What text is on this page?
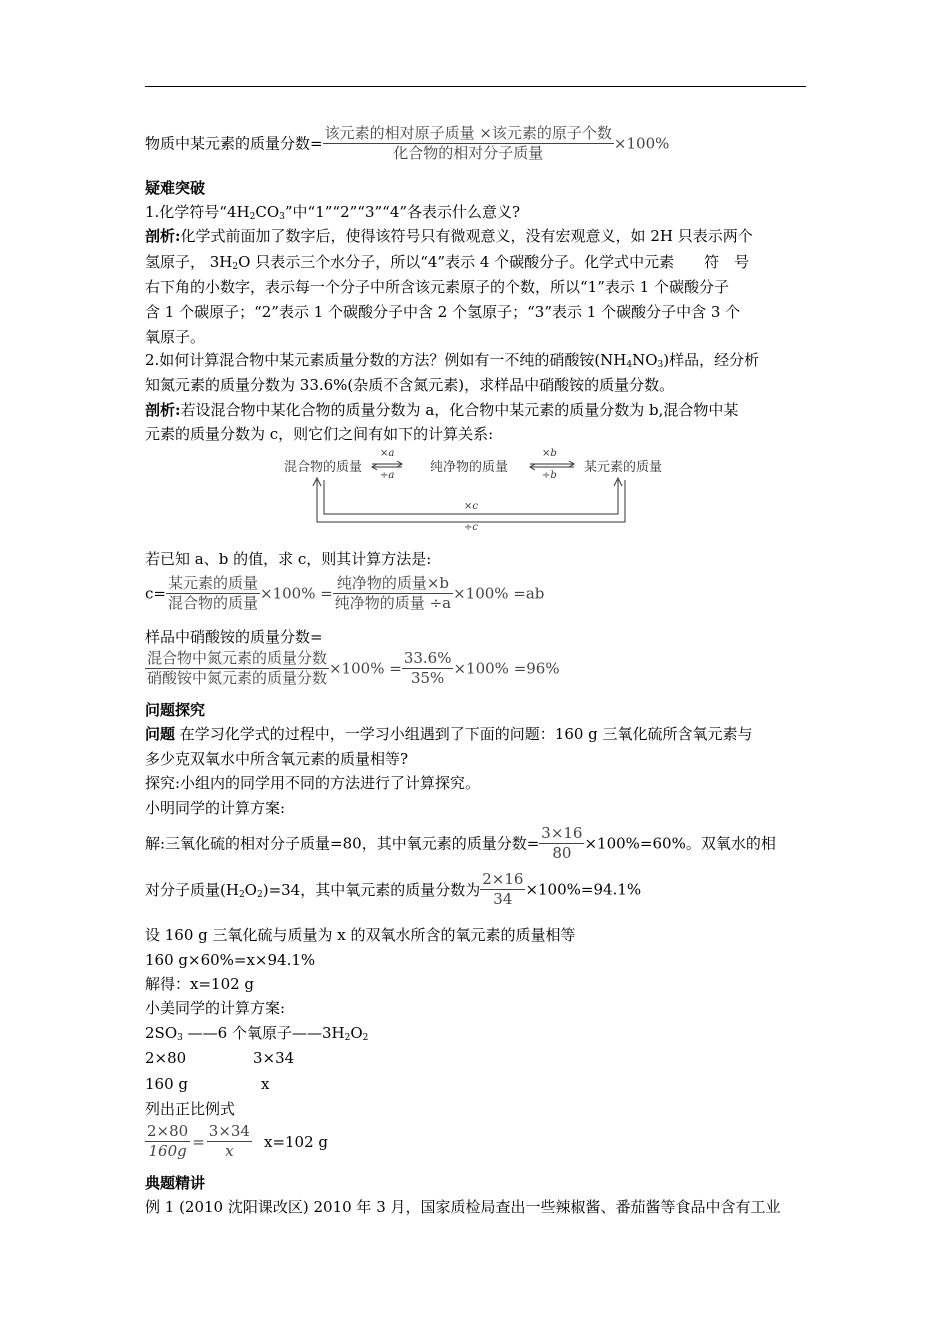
物质中某元素的质量分数= $\frac{\text{该元素的相对原子质量 ×该元素的原子个数}}{\text{化合物的相对分子质量}} \times 100\%$
疑难突破
1.化学符号“$4H_2CO_3$”中“1”“2”“3”“4”各表示什么意义?
剖析:化学式前面加了数字后，使得该符号只有微观意义，没有宏观意义，如 2H 只表示两个
氢原子， $3H_2O$ 只表示三个水分子，所以“4”表示 4 个碳酸分子。化学式中元素　　符　号
右下角的小数字，表示每一个分子中所含该元素原子的个数，所以“1”表示 1 个碳酸分子
含 1 个碳原子；“2”表示 1 个碳酸分子中含 2 个氢原子；“3”表示 1 个碳酸分子中含 3 个
氧原子。
2.如何计算混合物中某元素质量分数的方法？例如有一不纯的硝酸铵$(NH_4NO_3)$样品，经分析
知氮元素的质量分数为 33.6%(杂质不含氮元素)，求样品中硝酸铵的质量分数。
剖析:若设混合物中某化合物的质量分数为 a，化合物中某元素的质量分数为 b,混合物中某
元素的质量分数为 c，则它们之间有如下的计算关系:
若已知 a、b 的值，求 c，则其计算方法是:
$c= \frac{\text{某元素的质量}}{\text{混合物的质量}} \times 100\% = \frac{\text{纯净物的质量×b}}{\text{纯净物的质量 ÷a}} \times 100\% =ab$
样品中硝酸铵的质量分数=
$\frac{\text{混合物中氮元素的质量分数}}{\text{硝酸铵中氮元素的质量分数}} \times 100\% = \frac{33.6\%}{35\%} \times 100\% =96\%$
问题探究
问题 在学习化学式的过程中，一学习小组遇到了下面的问题：160 g 三氧化硫所含氧元素与
多少克双氧水中所含氧元素的质量相等?
探究:小组内的同学用不同的方法进行了计算探究。
小明同学的计算方案:
解:三氧化硫的相对分子质量=80，其中氧元素的质量分数= $\frac{3\times 16}{80} \times 100\%=60\%$。双氧水的相
对分子质量$(H_2O_2)=34$，其中氧元素的质量分数为 $\frac{2\times 16}{34} \times 100\%=94.1\%$
设 160 g 三氧化硫与质量为 x 的双氧水所含的氧元素的质量相等
160 g×60%=x×94.1%
解得：x=102 g
小美同学的计算方案:
$2SO_3$ ——6 个氧原子$——3H_2O_2$
2×80	3×34
160 g	x
列出正比例式
$\frac{2\times 80}{160g} = \frac{3\times 34}{x} x=102$ g
典题精讲
例 1 (2010 沈阳课改区) 2010 年 3 月，国家质检局查出一些辣椒酱、番茄酱等食品中含有工业
混合物的质量	纯净物的质量	某元素的质量
×a
÷a
×b
÷b
×c
÷c
